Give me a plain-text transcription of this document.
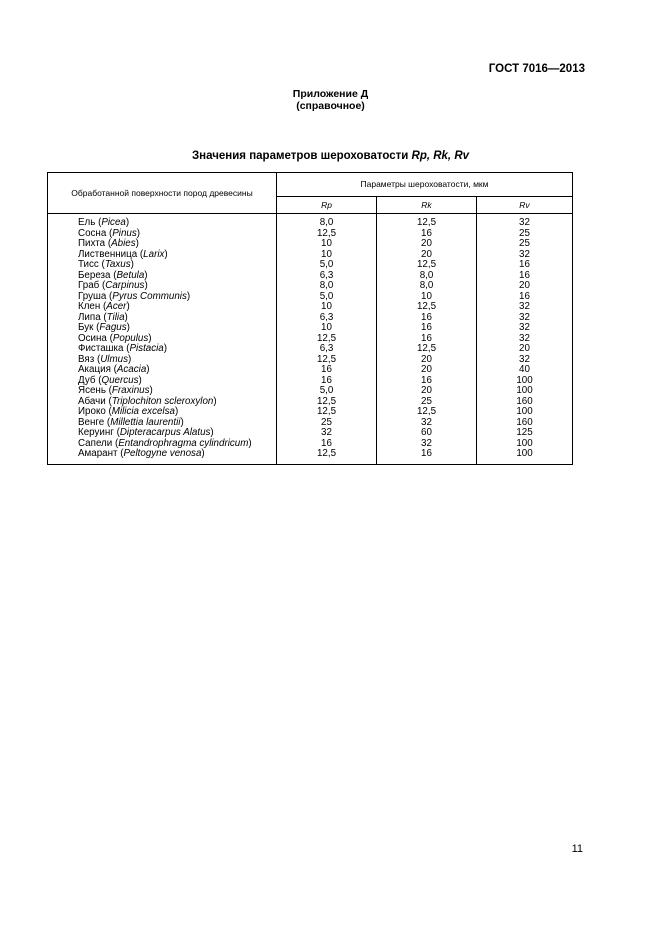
ГОСТ 7016—2013
Приложение Д
(справочное)
Значения параметров шероховатости Rp, Rk, Rv
Обработанной поверхности пород древесины	Параметры шероховатости, мкм		
	Rp	Rk	Rv
Ель (Picea)	8,0	12,5	32
Сосна (Pinus)	12,5	16	25
Пихта (Abies)	10	20	25
Лиственница (Larix)	10	20	32
Тисс (Taxus)	5,0	12,5	16
Береза (Betula)	6,3	8,0	16
Граб (Carpinus)	8,0	8,0	20
Груша (Pyrus Communis)	5,0	10	16
Клен (Acer)	10	12,5	32
Липа (Tilia)	6,3	16	32
Бук (Fagus)	10	16	32
Осина (Populus)	12,5	16	32
Фисташка (Pistacia)	6,3	12,5	20
Вяз (Ulmus)	12,5	20	32
Акация (Acacia)	16	20	40
Дуб (Quercus)	16	16	100
Ясень (Fraxinus)	5,0	20	100
Абачи (Triplochiton scleroxylon)	12,5	25	160
Ироко (Milicia excelsa)	12,5	12,5	100
Венге (Millettia laurentii)	25	32	160
Керуинг (Dipteracarpus Alatus)	32	60	125
Сапели (Entandrophragma cylindricum)	16	32	100
Амарант (Peltogyne venosa)	12,5	16	100
11
